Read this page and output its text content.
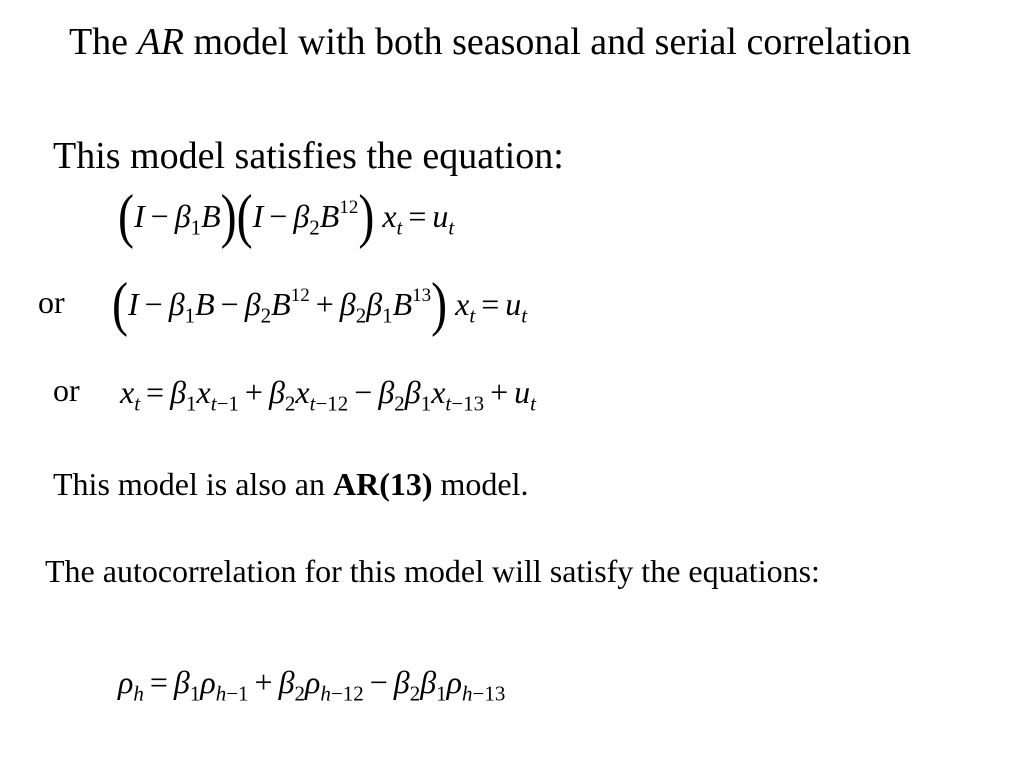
The AR model with both seasonal and serial correlation
This model satisfies the equation:
$(I - \beta_1B)(I - \beta_2B^{12})$ $x_t = u_t$
or $(I - \beta_1B - \beta_2B^{12} + \beta_2\beta_1B^{13})$ $x_t = u_t$
or $x_t = \beta_1x_{t-1} + \beta_2x_{t-12} - \beta_2\beta_1x_{t-13} + u_t$
This model is also an AR(13) model.
The autocorrelation for this model will satisfy the equations:
$\rho_h = \beta_1\rho_{h-1} + \beta_2\rho_{h-12} - \beta_2\beta_1\rho_{h-13}$
